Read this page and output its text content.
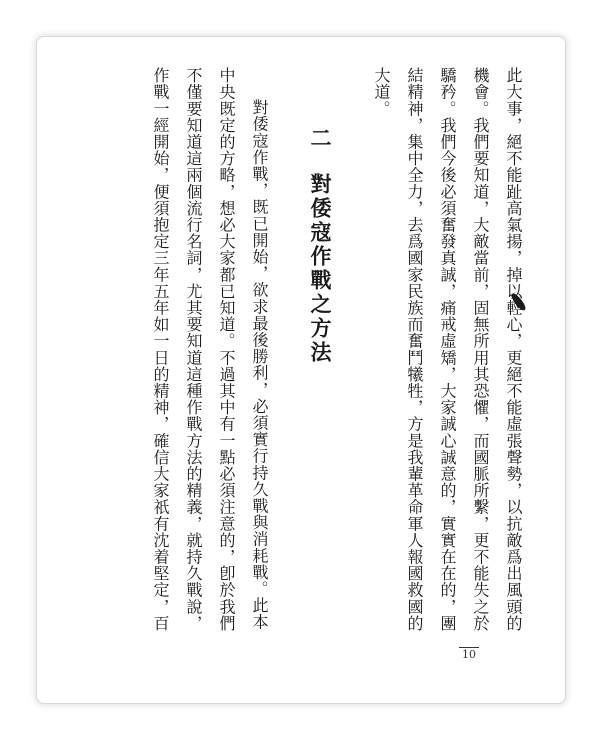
此大事，絕不能趾高氣揚，掉以輕心，更絕不能虛張聲勢，以抗敵爲出風頭的機會。我們要知道，大敵當前，固無所用其恐懼，而國脈所繫，更不能失之於驕矜。我們今後必須奮發真誠，痛戒虛矯，大家誠心誠意的，實實在在的，團結精神，集中全力，去爲國家民族而奮鬥犧牲，方是我輩革命軍人報國救國的大道。

二
對倭寇作戰之方法

對倭寇作戰，既已開始，欲求最後勝利，必須實行持久戰與消耗戰。此本中央既定的方略，想必大家都已知道。不過其中有一點必須注意的，卽於我們不僅要知道這兩個流行名詞，尤其要知道這種作戰方法的精義，就持久戰說，作戰一經開始，便須抱定三年五年如一日的精神，確信大家祇有沈着堅定，百

10
